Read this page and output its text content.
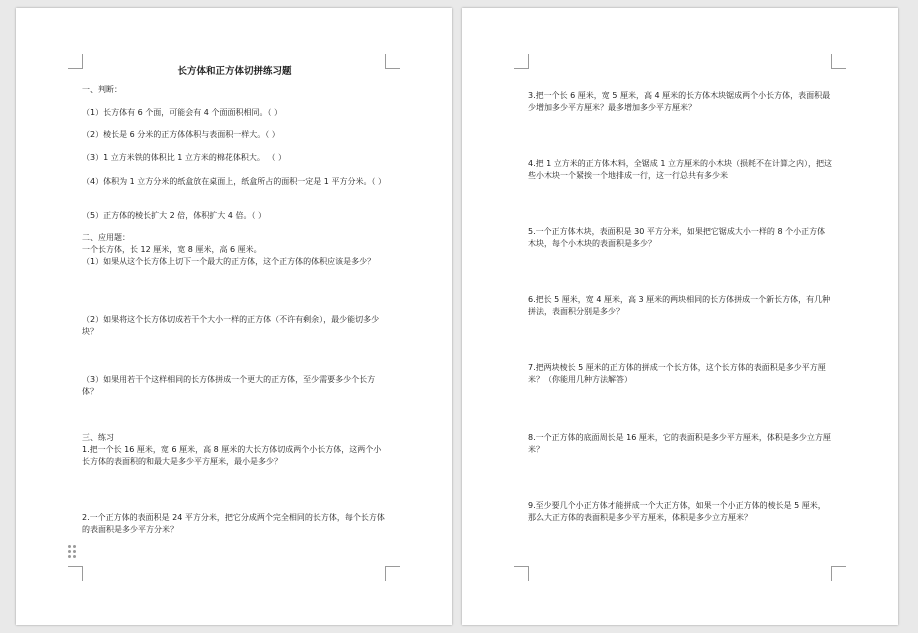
长方体和正方体切拼练习题
一、判断：
（1）长方体有 6 个面，可能会有 4 个面面积相同。（ ）
（2）棱长是 6 分米的正方体体积与表面积一样大。（ ）
（3）1 立方米铁的体积比 1 立方米的棉花体积大。 （ ）
（4）体积为 1 立方分米的纸盒放在桌面上，纸盒所占的面积一定是 1 平方分米。（ ）
（5）正方体的棱长扩大 2 倍，体积扩大 4 倍。（ ）
二、应用题：
一个长方体，长 12 厘米，宽 8 厘米，高 6 厘米。
（1）如果从这个长方体上切下一个最大的正方体，这个正方体的体积应该是多少？
（2）如果将这个长方体切成若干个大小一样的正方体（不许有剩余），最少能切多少块？
（3）如果用若干个这样相同的长方体拼成一个更大的正方体，至少需要多少个长方体？
三、练习
1.把一个长 16 厘米，宽 6 厘米，高 8 厘米的大长方体切成两个小长方体，这两个小长方体的表面积的和最大是多少平方厘米，最小是多少？
2.一个正方体的表面积是 24 平方分米，把它分成两个完全相同的长方体，每个长方体的表面积是多少平方分米？
3.把一个长 6 厘米，宽 5 厘米，高 4 厘米的长方体木块锯成两个小长方体，表面积最少增加多少平方厘米？最多增加多少平方厘米？
4.把 1 立方米的正方体木料，全锯成 1 立方厘米的小木块（损耗不在计算之内），把这些小木块一个紧挨一个地排成一行，这一行总共有多少米
5.一个正方体木块，表面积是 30 平方分米，如果把它锯成大小一样的 8 个小正方体木块，每个小木块的表面积是多少？
6.把长 5 厘米，宽 4 厘米，高 3 厘米的两块相同的长方体拼成一个新长方体，有几种拼法，表面积分别是多少？
7.把两块棱长 5 厘米的正方体的拼成一个长方体，这个长方体的表面积是多少平方厘米？（你能用几种方法解答）
8.一个正方体的底面周长是 16 厘米，它的表面积是多少平方厘米，体积是多少立方厘米？
9.至少要几个小正方体才能拼成一个大正方体，如果一个小正方体的棱长是 5 厘米，那么大正方体的表面积是多少平方厘米，体积是多少立方厘米？
